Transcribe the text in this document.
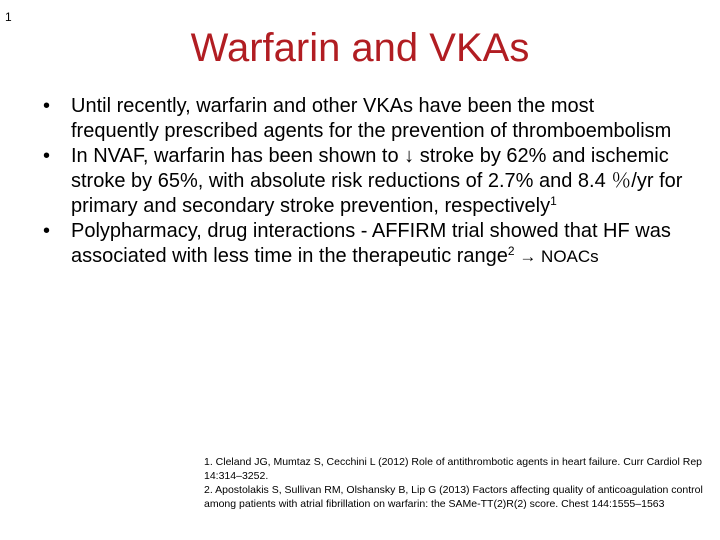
1
Warfarin and VKAs
• Until recently, warfarin and other VKAs have been the most frequently prescribed agents for the prevention of thromboembolism
• In NVAF, warfarin has been shown to ↓ stroke by 62% and ischemic stroke by 65%, with absolute risk reductions of 2.7% and 8.4 ％/yr for primary and secondary stroke prevention, respectively$^1$
• Polypharmacy, drug interactions - AFFIRM trial showed that HF was associated with less time in the therapeutic range$^2$ → NOACs

1. Cleland JG, Mumtaz S, Cecchini L (2012) Role of antithrombotic agents in heart failure. Curr Cardiol Rep 14:314–3252.

2. Apostolakis S, Sullivan RM, Olshansky B, Lip G (2013) Factors affecting quality of anticoagulation control among patients with atrial fibrillation on warfarin: the SAMe-TT(2)R(2) score. Chest 144:1555–1563
